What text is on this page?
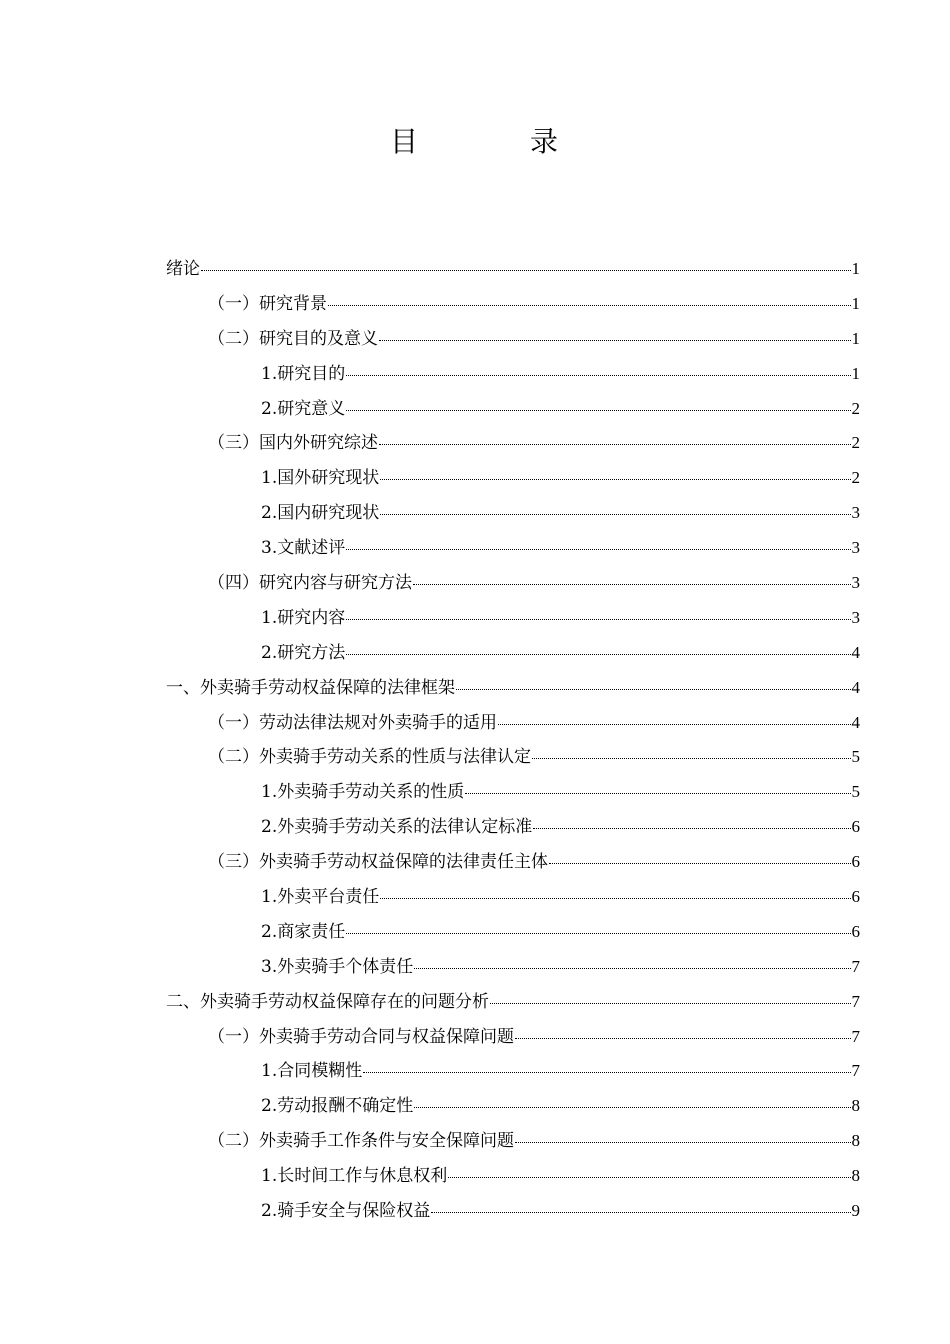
目　录
绪论	1
（一）研究背景	1
（二）研究目的及意义	1
1.研究目的	1
2.研究意义	2
（三）国内外研究综述	2
1.国外研究现状	2
2.国内研究现状	3
3.文献述评	3
（四）研究内容与研究方法	3
1.研究内容	3
2.研究方法	4
一、外卖骑手劳动权益保障的法律框架	4
（一）劳动法律法规对外卖骑手的适用	4
（二）外卖骑手劳动关系的性质与法律认定	5
1.外卖骑手劳动关系的性质	5
2.外卖骑手劳动关系的法律认定标准	6
（三）外卖骑手劳动权益保障的法律责任主体	6
1.外卖平台责任	6
2.商家责任	6
3.外卖骑手个体责任	7
二、外卖骑手劳动权益保障存在的问题分析	7
（一）外卖骑手劳动合同与权益保障问题	7
1.合同模糊性	7
2.劳动报酬不确定性	8
（二）外卖骑手工作条件与安全保障问题	8
1.长时间工作与休息权利	8
2.骑手安全与保险权益	9
